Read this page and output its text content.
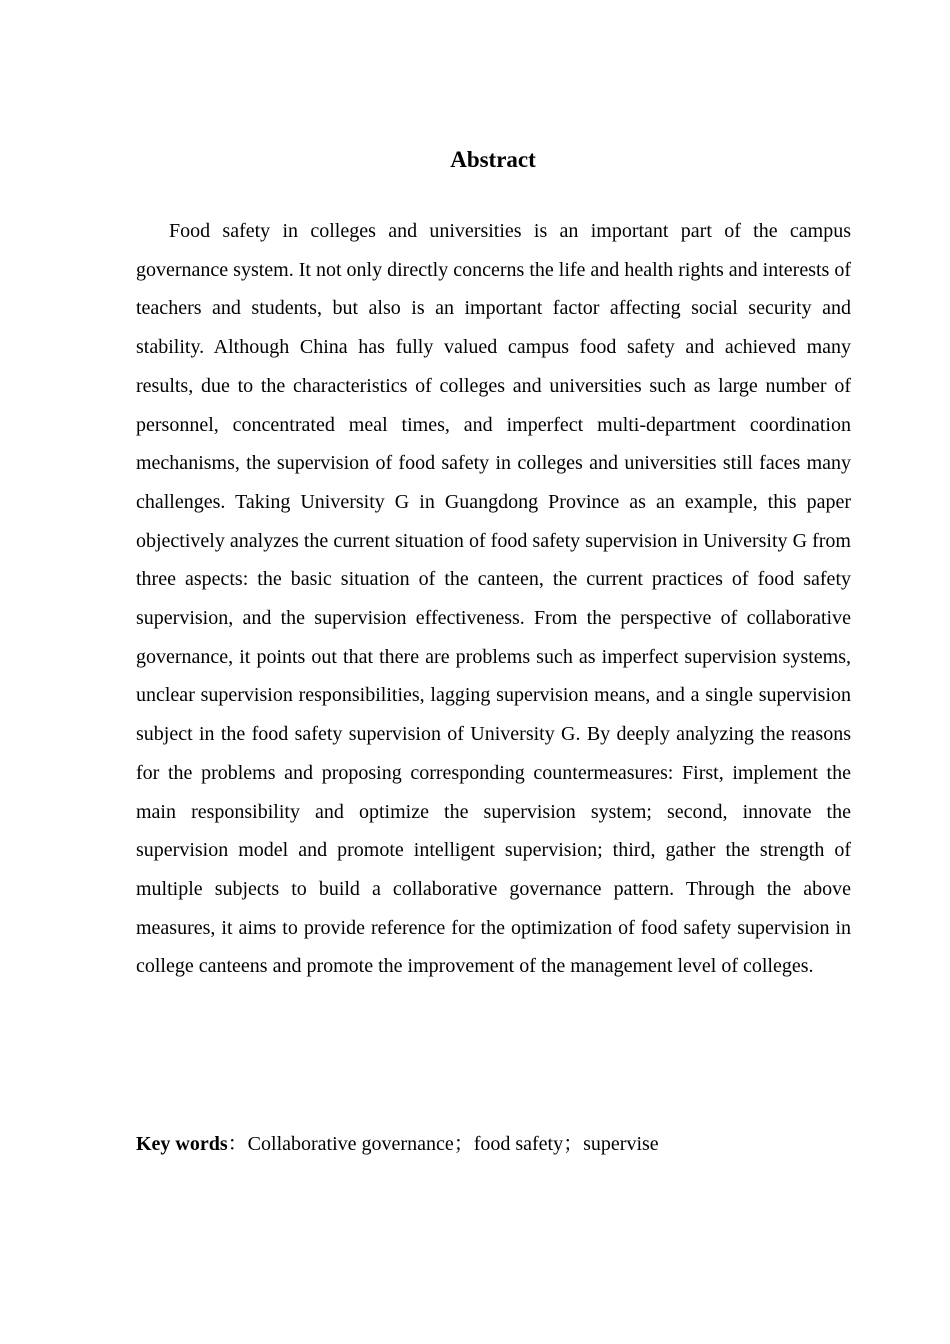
Abstract

Food safety in colleges and universities is an important part of the campus governance system. It not only directly concerns the life and health rights and interests of teachers and students, but also is an important factor affecting social security and stability. Although China has fully valued campus food safety and achieved many results, due to the characteristics of colleges and universities such as large number of personnel, concentrated meal times, and imperfect multi-department coordination mechanisms, the supervision of food safety in colleges and universities still faces many challenges. Taking University G in Guangdong Province as an example, this paper objectively analyzes the current situation of food safety supervision in University G from three aspects: the basic situation of the canteen, the current practices of food safety supervision, and the supervision effectiveness. From the perspective of collaborative governance, it points out that there are problems such as imperfect supervision systems, unclear supervision responsibilities, lagging supervision means, and a single supervision subject in the food safety supervision of University G. By deeply analyzing the reasons for the problems and proposing corresponding countermeasures: First, implement the main responsibility and optimize the supervision system; second, innovate the supervision model and promote intelligent supervision; third, gather the strength of multiple subjects to build a collaborative governance pattern. Through the above measures, it aims to provide reference for the optimization of food safety supervision in college canteens and promote the improvement of the management level of colleges.

Key words：Collaborative governance；food safety；supervise
